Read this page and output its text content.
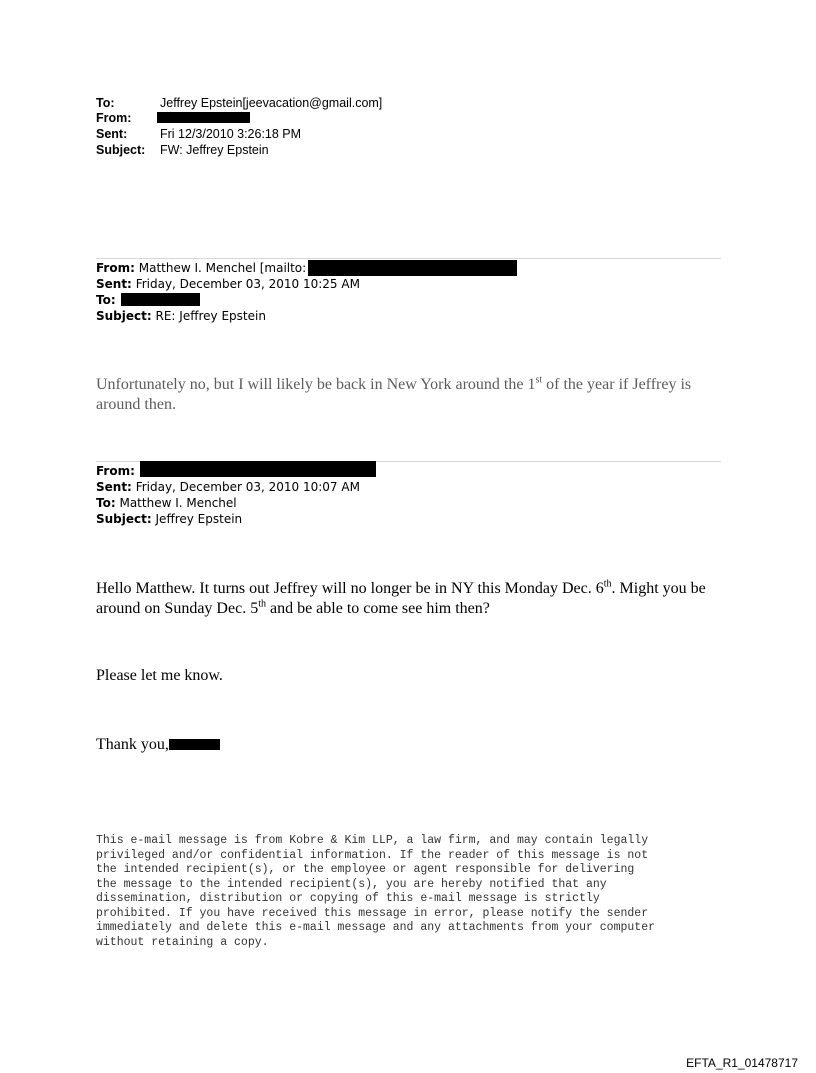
To:	Jeffrey Epstein[jeevacation@gmail.com]
From:
Sent:	Fri 12/3/2010 3:26:18 PM
Subject: FW: Jeffrey Epstein
From: Matthew I. Menchel [mailto:
Sent: Friday, December 03, 2010 10:25 AM
To:
Subject: RE: Jeffrey Epstein
Unfortunately no, but I will likely be back in New York around the 1st of the year if Jeffrey is around then.
From:
Sent: Friday, December 03, 2010 10:07 AM
To: Matthew I. Menchel
Subject: Jeffrey Epstein
Hello Matthew. It turns out Jeffrey will no longer be in NY this Monday Dec. 6th. Might you be around on Sunday Dec. 5th and be able to come see him then?
Please let me know.
Thank you,
This e-mail message is from Kobre & Kim LLP, a law firm, and may contain legally
privileged and/or confidential information. If the reader of this message is not
the intended recipient(s), or the employee or agent responsible for delivering
the message to the intended recipient(s), you are hereby notified that any
dissemination, distribution or copying of this e-mail message is strictly
prohibited. If you have received this message in error, please notify the sender
immediately and delete this e-mail message and any attachments from your computer
without retaining a copy.
EFTA_R1_01478717
